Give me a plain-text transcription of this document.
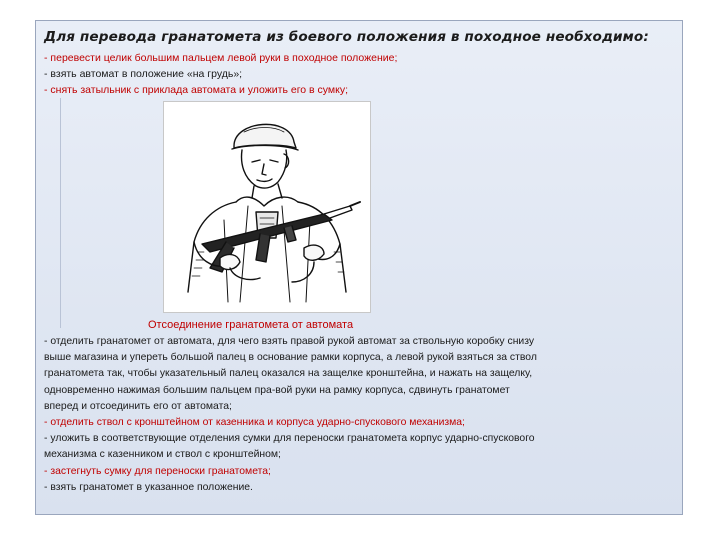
Для перевода гранатомета из боевого положения в походное необходимо:
- перевести целик большим пальцем левой руки в походное положение;
- взять автомат в положение «на грудь»;
- снять затыльник с приклада автомата и уложить его в сумку;
Отсоединение гранатомета от автомата
- отделить гранатомет от автомата, для чего взять правой рукой автомат за ствольную коробку снизу
выше магазина и упереть большой палец в основание рамки корпуса, а левой рукой взяться за ствол
гранатомета так, чтобы указательный палец оказался на защелке кронштейна, и нажать на защелку,
одновременно нажимая большим пальцем пра-вой руки на рамку корпуса, сдвинуть гранатомет
вперед и отсоединить его от автомата;
- отделить ствол с кронштейном от казенника и корпуса ударно-спускового механизма;
- уложить в соответствующие отделения сумки для переноски гранатомета корпус ударно-спускового
механизма с казенником и ствол с кронштейном;
- застегнуть сумку для переноски гранатомета;
- взять гранатомет в указанное положение.
